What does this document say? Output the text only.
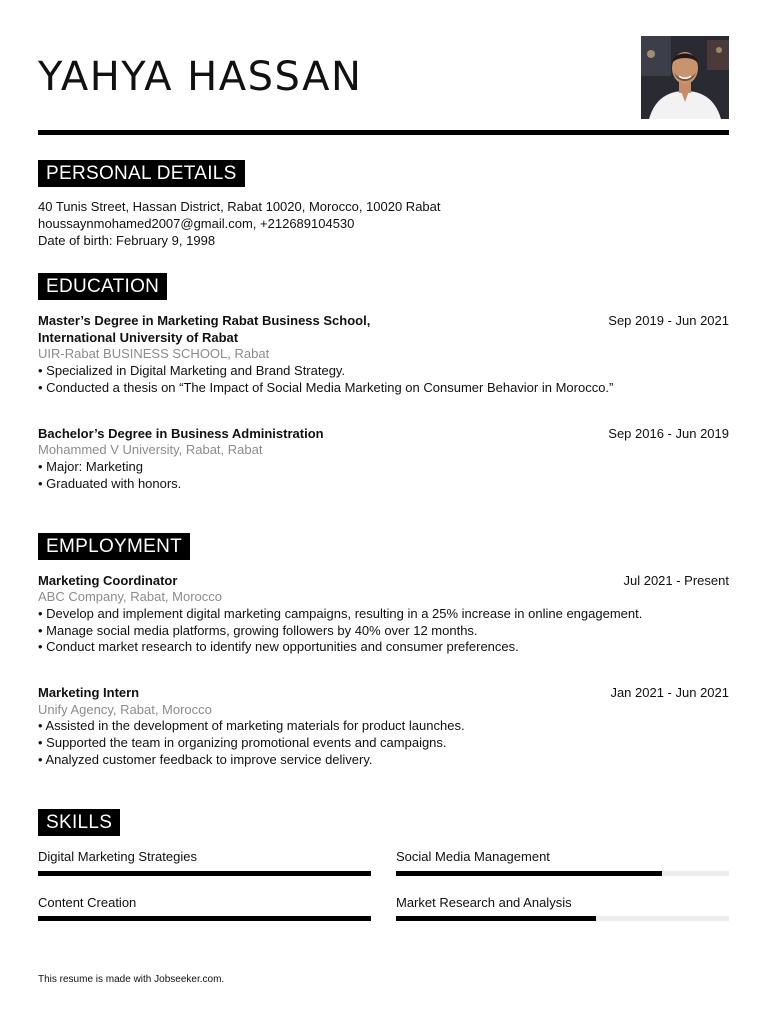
YAHYA HASSAN
PERSONAL DETAILS
40 Tunis Street, Hassan District, Rabat 10020, Morocco, 10020 Rabat
houssaynmohamed2007@gmail.com, +212689104530
Date of birth: February 9, 1998
EDUCATION
Master’s Degree in Marketing Rabat Business School,	Sep 2019 - Jun 2021
International University of Rabat
UIR-Rabat BUSINESS SCHOOL, Rabat
• Specialized in Digital Marketing and Brand Strategy.
• Conducted a thesis on “The Impact of Social Media Marketing on Consumer Behavior in Morocco.”
Bachelor’s Degree in Business Administration	Sep 2016 - Jun 2019
Mohammed V University, Rabat, Rabat
• Major: Marketing
• Graduated with honors.
EMPLOYMENT
Marketing Coordinator	Jul 2021 - Present
ABC Company, Rabat, Morocco
• Develop and implement digital marketing campaigns, resulting in a 25% increase in online engagement.
• Manage social media platforms, growing followers by 40% over 12 months.
• Conduct market research to identify new opportunities and consumer preferences.
Marketing Intern	Jan 2021 - Jun 2021
Unify Agency, Rabat, Morocco
• Assisted in the development of marketing materials for product launches.
• Supported the team in organizing promotional events and campaigns.
• Analyzed customer feedback to improve service delivery.
SKILLS
Digital Marketing Strategies	Social Media Management
Content Creation	Market Research and Analysis
This resume is made with Jobseeker.com.
